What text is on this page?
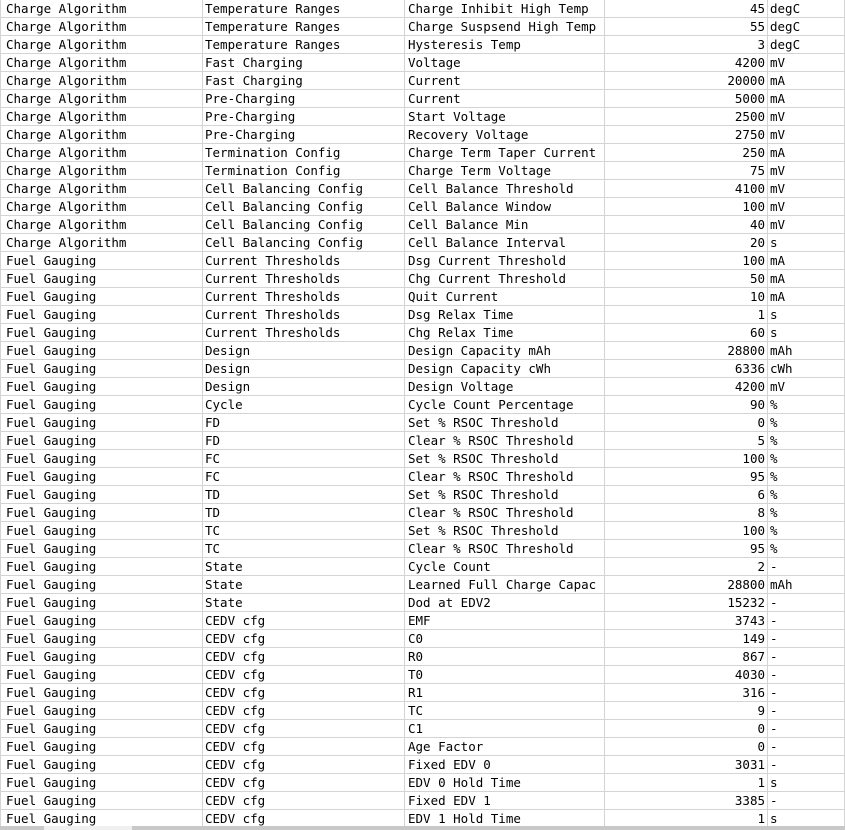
Charge Algorithm	Temperature Ranges	Charge Inhibit High Temp	45 degC
Charge Algorithm	Temperature Ranges	Charge Suspsend High Temp	55 degC
Charge Algorithm	Temperature Ranges	Hysteresis Temp	3 degC
Charge Algorithm	Fast Charging	Voltage	4200 mV
Charge Algorithm	Fast Charging	Current	20000 mA
Charge Algorithm	Pre-Charging	Current	5000 mA
Charge Algorithm	Pre-Charging	Start Voltage	2500 mV
Charge Algorithm	Pre-Charging	Recovery Voltage	2750 mV
Charge Algorithm	Termination Config	Charge Term Taper Current	250 mA
Charge Algorithm	Termination Config	Charge Term Voltage	75 mV
Charge Algorithm	Cell Balancing Config	Cell Balance Threshold	4100 mV
Charge Algorithm	Cell Balancing Config	Cell Balance Window	100 mV
Charge Algorithm	Cell Balancing Config	Cell Balance Min	40 mV
Charge Algorithm	Cell Balancing Config	Cell Balance Interval	20 s
Fuel Gauging	Current Thresholds	Dsg Current Threshold	100 mA
Fuel Gauging	Current Thresholds	Chg Current Threshold	50 mA
Fuel Gauging	Current Thresholds	Quit Current	10 mA
Fuel Gauging	Current Thresholds	Dsg Relax Time	1 s
Fuel Gauging	Current Thresholds	Chg Relax Time	60 s
Fuel Gauging	Design	Design Capacity mAh	28800 mAh
Fuel Gauging	Design	Design Capacity cWh	6336 cWh
Fuel Gauging	Design	Design Voltage	4200 mV
Fuel Gauging	Cycle	Cycle Count Percentage	90 %
Fuel Gauging	FD	Set % RSOC Threshold	0 %
Fuel Gauging	FD	Clear % RSOC Threshold	5 %
Fuel Gauging	FC	Set % RSOC Threshold	100 %
Fuel Gauging	FC	Clear % RSOC Threshold	95 %
Fuel Gauging	TD	Set % RSOC Threshold	6 %
Fuel Gauging	TD	Clear % RSOC Threshold	8 %
Fuel Gauging	TC	Set % RSOC Threshold	100 %
Fuel Gauging	TC	Clear % RSOC Threshold	95 %
Fuel Gauging	State	Cycle Count	2 -
Fuel Gauging	State	Learned Full Charge Capac	28800 mAh
Fuel Gauging	State	Dod at EDV2	15232 -
Fuel Gauging	CEDV cfg	EMF	3743 -
Fuel Gauging	CEDV cfg	C0	149 -
Fuel Gauging	CEDV cfg	R0	867 -
Fuel Gauging	CEDV cfg	T0	4030 -
Fuel Gauging	CEDV cfg	R1	316 -
Fuel Gauging	CEDV cfg	TC	9 -
Fuel Gauging	CEDV cfg	C1	0 -
Fuel Gauging	CEDV cfg	Age Factor	0 -
Fuel Gauging	CEDV cfg	Fixed EDV 0	3031 -
Fuel Gauging	CEDV cfg	EDV 0 Hold Time	1 s
Fuel Gauging	CEDV cfg	Fixed EDV 1	3385 -
Fuel Gauging	CEDV cfg	EDV 1 Hold Time	1 s
